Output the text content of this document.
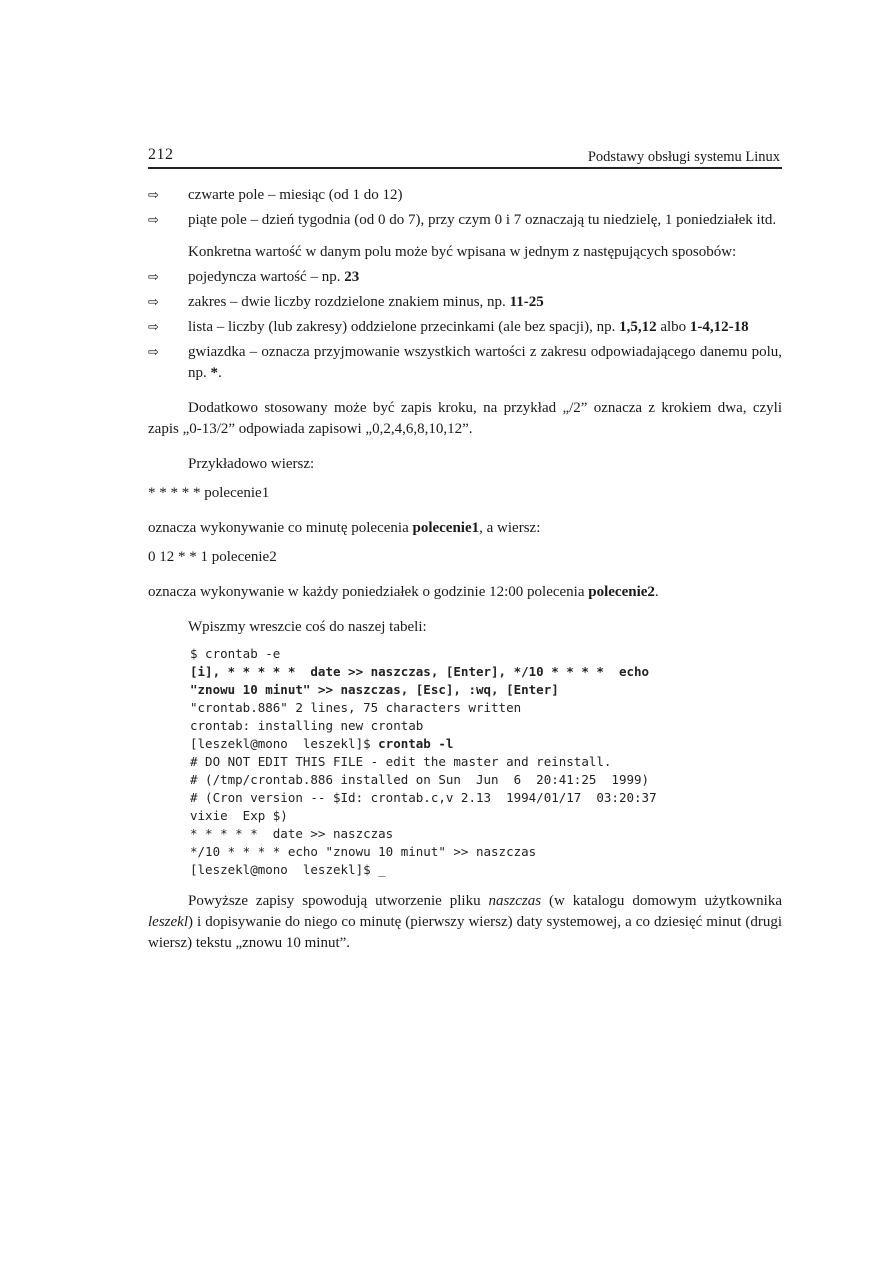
212	Podstawy obsługi systemu Linux
⇨	czwarte pole – miesiąc (od 1 do 12)
⇨	piąte pole – dzień tygodnia (od 0 do 7), przy czym 0 i 7 oznaczają tu niedzielę, 1 poniedziałek itd.

Konkretna wartość w danym polu może być wpisana w jednym z następujących sposobów:

⇨	pojedyncza wartość – np. 23
⇨	zakres – dwie liczby rozdzielone znakiem minus, np. 11-25
⇨	lista – liczby (lub zakresy) oddzielone przecinkami (ale bez spacji), np. 1,5,12 albo 1-4,12-18
⇨	gwiazdka – oznacza przyjmowanie wszystkich wartości z zakresu odpowiadającego danemu polu, np. *.

Dodatkowo stosowany może być zapis kroku, na przykład „/2” oznacza z krokiem dwa, czyli zapis „0-13/2” odpowiada zapisowi „0,2,4,6,8,10,12”.

Przykładowo wiersz:

* * * * * polecenie1

oznacza wykonywanie co minutę polecenia polecenie1, a wiersz:

0 12 * * 1 polecenie2

oznacza wykonywanie w każdy poniedziałek o godzinie 12:00 polecenia polecenie2.

Wpiszmy wreszcie coś do naszej tabeli:

$ crontab -e
[i], * * * * *  date >> naszczas, [Enter], */10 * * * *  echo
"znowu 10 minut" >> naszczas, [Esc], :wq, [Enter]
"crontab.886" 2 lines, 75 characters written
crontab: installing new crontab
[leszekl@mono  leszekl]$ crontab -l
# DO NOT EDIT THIS FILE - edit the master and reinstall.
# (/tmp/crontab.886 installed on Sun  Jun  6  20:41:25  1999)
# (Cron version -- $Id: crontab.c,v 2.13  1994/01/17  03:20:37
vixie  Exp $)
* * * * *  date >> naszczas
*/10 * * * * echo "znowu 10 minut" >> naszczas
[leszekl@mono  leszekl]$ _

Powyższe zapisy spowodują utworzenie pliku naszczas (w katalogu domowym użytkownika leszekl) i dopisywanie do niego co minutę (pierwszy wiersz) daty systemowej, a co dziesięć minut (drugi wiersz) tekstu „znowu 10 minut”.
